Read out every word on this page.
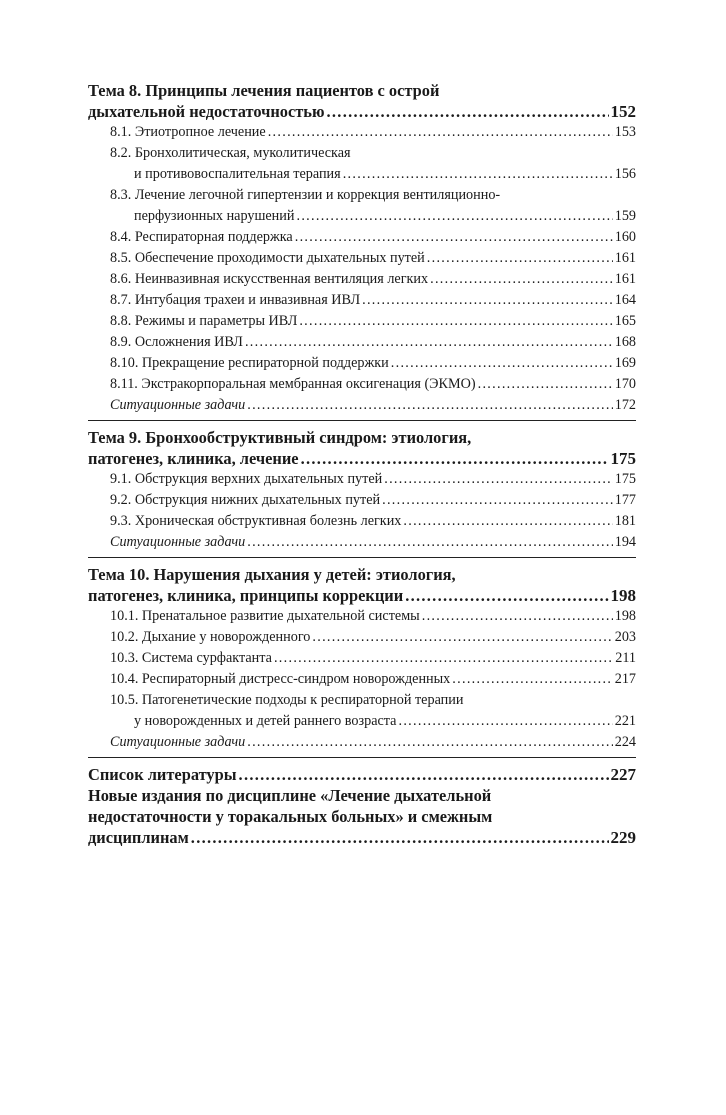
Тема 8. Принципы лечения пациентов с острой
дыхательной недостаточностью .....	152
8.1. Этиотропное лечение .....	153
8.2. Бронхолитическая, муколитическая
и противовоспалительная терапия .....	156
8.3. Лечение легочной гипертензии и коррекция вентиляционно-
перфузионных нарушений .....	159
8.4. Респираторная поддержка .....	160
8.5. Обеспечение проходимости дыхательных путей .....	161
8.6. Неинвазивная искусственная вентиляция легких .....	161
8.7. Интубация трахеи и инвазивная ИВЛ .....	164
8.8. Режимы и параметры ИВЛ .....	165
8.9. Осложнения ИВЛ .....	168
8.10. Прекращение респираторной поддержки .....	169
8.11. Экстракорпоральная мембранная оксигенация (ЭКМО) .....	170
Ситуационные задачи .....	172
Тема 9. Бронхообструктивный синдром: этиология,
патогенез, клиника, лечение .....	175
9.1. Обструкция верхних дыхательных путей .....	175
9.2. Обструкция нижних дыхательных путей .....	177
9.3. Хроническая обструктивная болезнь легких .....	181
Ситуационные задачи .....	194
Тема 10. Нарушения дыхания у детей: этиология,
патогенез, клиника, принципы коррекции .....	198
10.1. Пренатальное развитие дыхательной системы .....	198
10.2. Дыхание у новорожденного .....	203
10.3. Система сурфактанта .....	211
10.4. Респираторный дистресс-синдром новорожденных .....	217
10.5. Патогенетические подходы к респираторной терапии
у новорожденных и детей раннего возраста .....	221
Ситуационные задачи .....	224
Список литературы .....	227
Новые издания по дисциплине «Лечение дыхательной
недостаточности у торакальных больных» и смежным
дисциплинам .....	229
